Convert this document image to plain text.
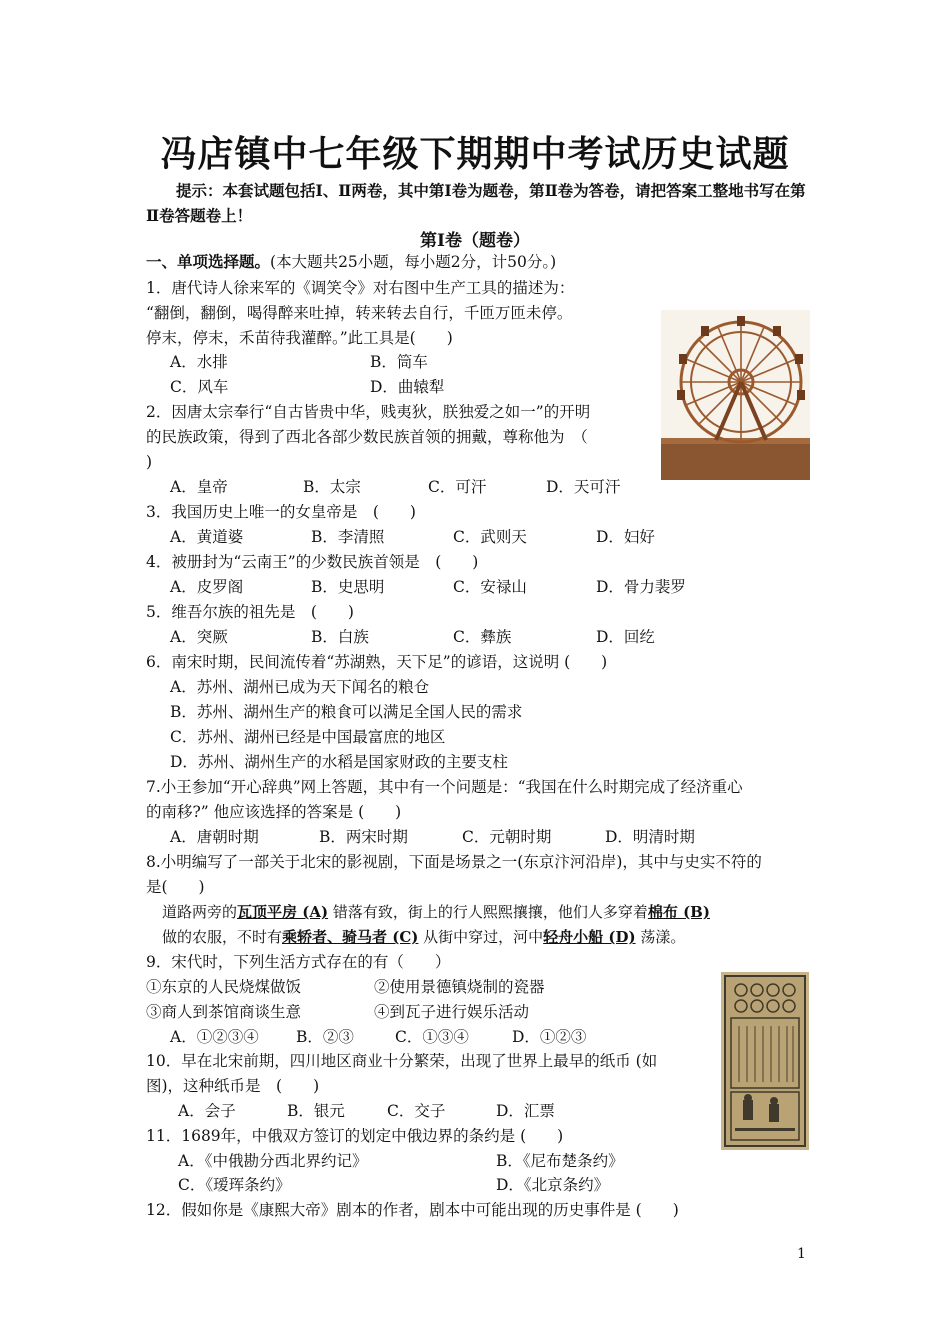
冯店镇中七年级下期期中考试历史试题
提示：本套试题包括Ⅰ、Ⅱ两卷，其中第Ⅰ卷为题卷，第Ⅱ卷为答卷，请把答案工整地书写在第Ⅱ卷答题卷上！
第Ⅰ卷（题卷）
一、单项选择题。(本大题共25小题，每小题2分，计50分。)
1．唐代诗人徐来军的《调笑令》对右图中生产工具的描述为：
“翻倒，翻倒，喝得醉来吐掉，转来转去自行，千匝万匝未停。
停末，停末，禾苗待我灌醉。”此工具是(　　)
A．水排	B．筒车
C．风车	D．曲辕犁
2．因唐太宗奉行“自古皆贵中华，贱夷狄，朕独爱之如一”的开明
的民族政策，得到了西北各部少数民族首领的拥戴，尊称他为　（
)
A．皇帝	B．太宗	C．可汗	D．天可汗
3．我国历史上唯一的女皇帝是　(　　)
A．黄道婆	B．李清照	C．武则天	D．妇好
4．被册封为“云南王”的少数民族首领是　(　　)
A．皮罗阁	B．史思明	C．安禄山	D．骨力裴罗
5．维吾尔族的祖先是　(　　)
A．突厥	B．白族	C．彝族	D．回纥
6．南宋时期，民间流传着“苏湖熟，天下足”的谚语，这说明 (　　)
A．苏州、湖州已成为天下闻名的粮仓
B．苏州、湖州生产的粮食可以满足全国人民的需求
C．苏州、湖州已经是中国最富庶的地区
D．苏州、湖州生产的水稻是国家财政的主要支柱
7.小王参加“开心辞典”网上答题，其中有一个问题是：“我国在什么时期完成了经济重心
的南移?” 他应该选择的答案是 (　　)
A．唐朝时期	B．两宋时期	C．元朝时期	D．明清时期
8.小明编写了一部关于北宋的影视剧，下面是场景之一(东京汴河沿岸)，其中与史实不符的
是(　　)
道路两旁的瓦顶平房 (A) 错落有致，街上的行人熙熙攘攘，他们人多穿着棉布 (B)
做的农服，不时有乘轿者、骑马者 (C) 从街中穿过，河中轻舟小船 (D) 荡漾。
9．宋代时，下列生活方式存在的有（　　）
①东京的人民烧煤做饭	②使用景德镇烧制的瓷器
③商人到茶馆商谈生意	④到瓦子进行娱乐活动
A．①②③④ B．②③	C．①③④	D．①②③
10．早在北宋前期，四川地区商业十分繁荣，出现了世界上最早的纸币 (如
图)，这种纸币是　(　　)
A．会子	B．银元	C．交子	D．汇票
11．1689年，中俄双方签订的划定中俄边界的条约是 (　　)
A．《中俄勘分西北界约记》	B．《尼布楚条约》
C．《瑷珲条约》	D．《北京条约》
12．假如你是《康熙大帝》剧本的作者，剧本中可能出现的历史事件是 (　　)
1
